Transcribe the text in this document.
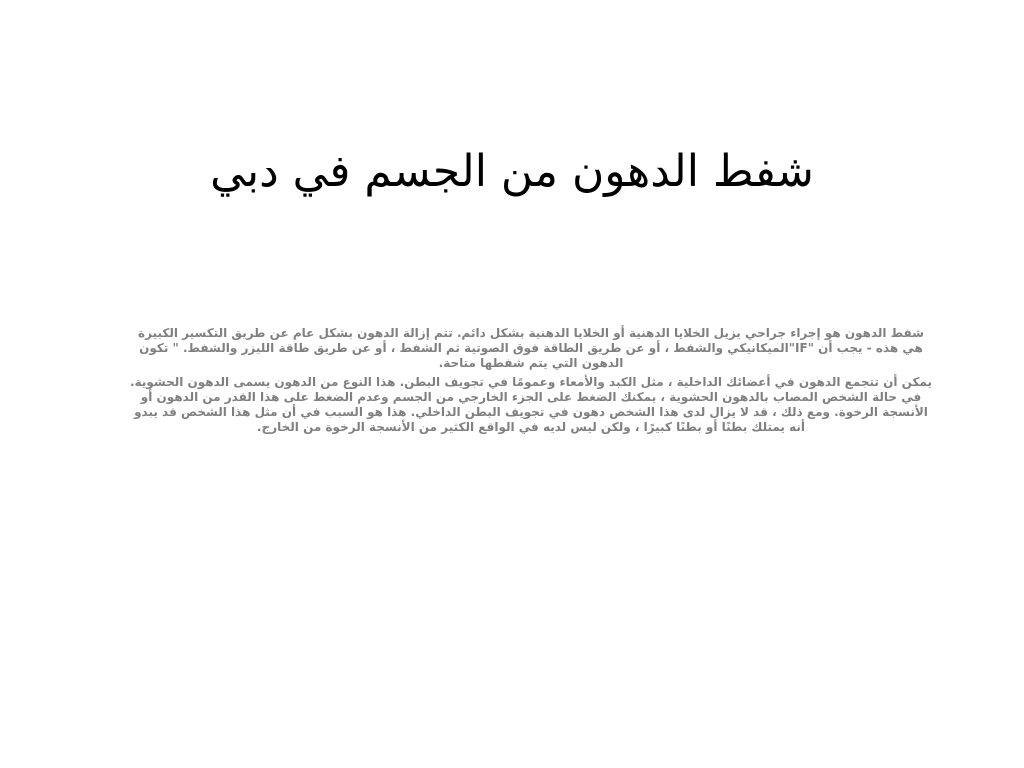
شفط الدهون من الجسم في دبي

شفط الدهون هو إجراء جراحي يزيل الخلايا الدهنية أو الخلايا الدهنية بشكل دائم. تتم إزالة الدهون بشكل عام عن طريق التكسير الكبيرة هي هذه - يجب أن "IF"الميكانيكي والشفط ، أو عن طريق الطاقة فوق الصوتية ثم الشفط ، أو عن طريق طاقة الليزر والشفط. " تكون الدهون التي يتم شفطها متاحة.

يمكن أن تتجمع الدهون في أعضائك الداخلية ، مثل الكبد والأمعاء وعمومًا في تجويف البطن. هذا النوع من الدهون يسمى الدهون الحشوية. في حالة الشخص المصاب بالدهون الحشوية ، يمكنك الضغط على الجزء الخارجي من الجسم وعدم الضغط على هذا القدر من الدهون أو الأنسجة الرخوة. ومع ذلك ، قد لا يزال لدى هذا الشخص دهون في تجويف البطن الداخلي. هذا هو السبب في أن مثل هذا الشخص قد يبدو أنه يمتلك بطنًا أو بطنًا كبيرًا ، ولكن ليس لديه في الواقع الكثير من الأنسجة الرخوة من الخارج.
